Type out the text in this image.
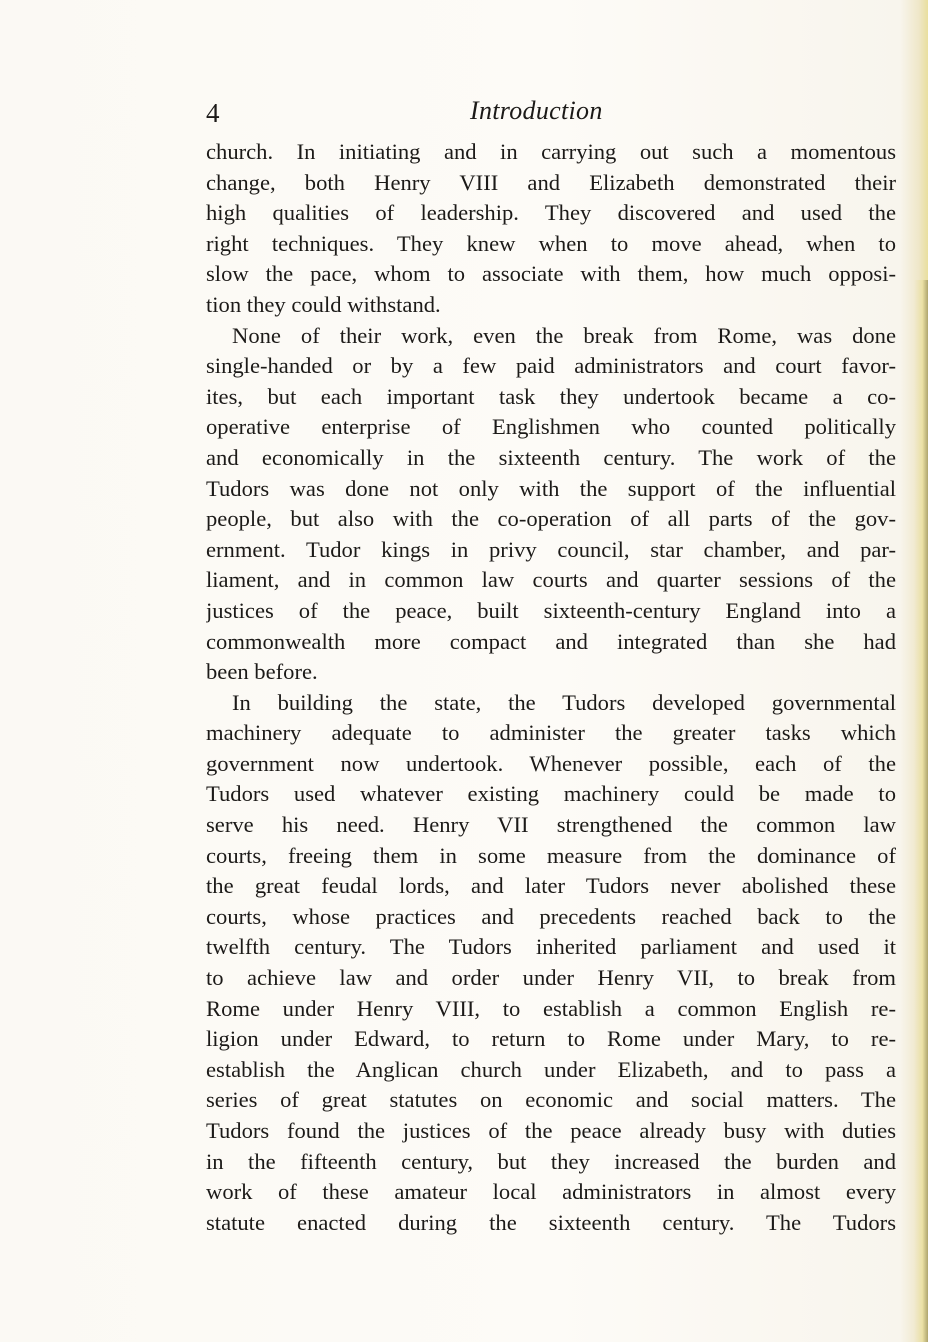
4	Introduction
church. In initiating and in carrying out such a momentous
change, both Henry VIII and Elizabeth demonstrated their
high qualities of leadership. They discovered and used the
right techniques. They knew when to move ahead, when to
slow the pace, whom to associate with them, how much opposi-
tion they could withstand.
None of their work, even the break from Rome, was done
single-handed or by a few paid administrators and court favor-
ites, but each important task they undertook became a co-
operative enterprise of Englishmen who counted politically
and economically in the sixteenth century. The work of the
Tudors was done not only with the support of the influential
people, but also with the co-operation of all parts of the gov-
ernment. Tudor kings in privy council, star chamber, and par-
liament, and in common law courts and quarter sessions of the
justices of the peace, built sixteenth-century England into a
commonwealth more compact and integrated than she had
been before.
In building the state, the Tudors developed governmental
machinery adequate to administer the greater tasks which
government now undertook. Whenever possible, each of the
Tudors used whatever existing machinery could be made to
serve his need. Henry VII strengthened the common law
courts, freeing them in some measure from the dominance of
the great feudal lords, and later Tudors never abolished these
courts, whose practices and precedents reached back to the
twelfth century. The Tudors inherited parliament and used it
to achieve law and order under Henry VII, to break from
Rome under Henry VIII, to establish a common English re-
ligion under Edward, to return to Rome under Mary, to re-
establish the Anglican church under Elizabeth, and to pass a
series of great statutes on economic and social matters. The
Tudors found the justices of the peace already busy with duties
in the fifteenth century, but they increased the burden and
work of these amateur local administrators in almost every
statute enacted during the sixteenth century. The Tudors
